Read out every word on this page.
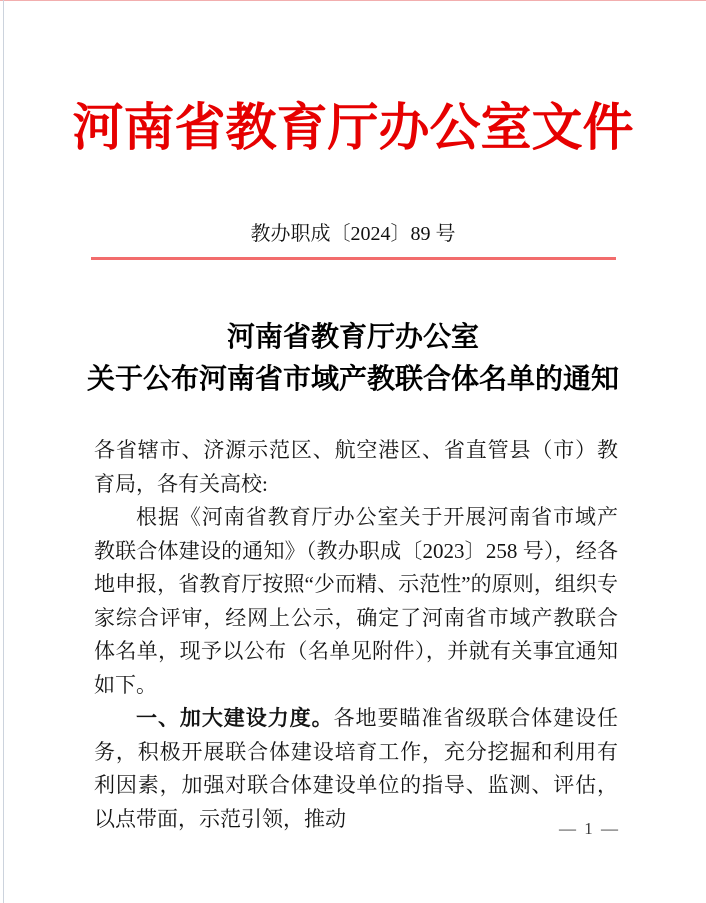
河南省教育厅办公室文件
教办职成〔2024〕89 号
河南省教育厅办公室
关于公布河南省市域产教联合体名单的通知

各省辖市、济源示范区、航空港区、省直管县（市）教育局，各有关高校:

根据《河南省教育厅办公室关于开展河南省市域产教联合体建设的通知》（教办职成〔2023〕258 号），经各地申报，省教育厅按照“少而精、示范性”的原则，组织专家综合评审，经网上公示，确定了河南省市域产教联合体名单，现予以公布（名单见附件），并就有关事宜通知如下。

一、加大建设力度。各地要瞄准省级联合体建设任务，积极开展联合体建设培育工作，充分挖掘和利用有利因素，加强对联合体建设单位的指导、监测、评估，以点带面，示范引领，推动	— 1 —
